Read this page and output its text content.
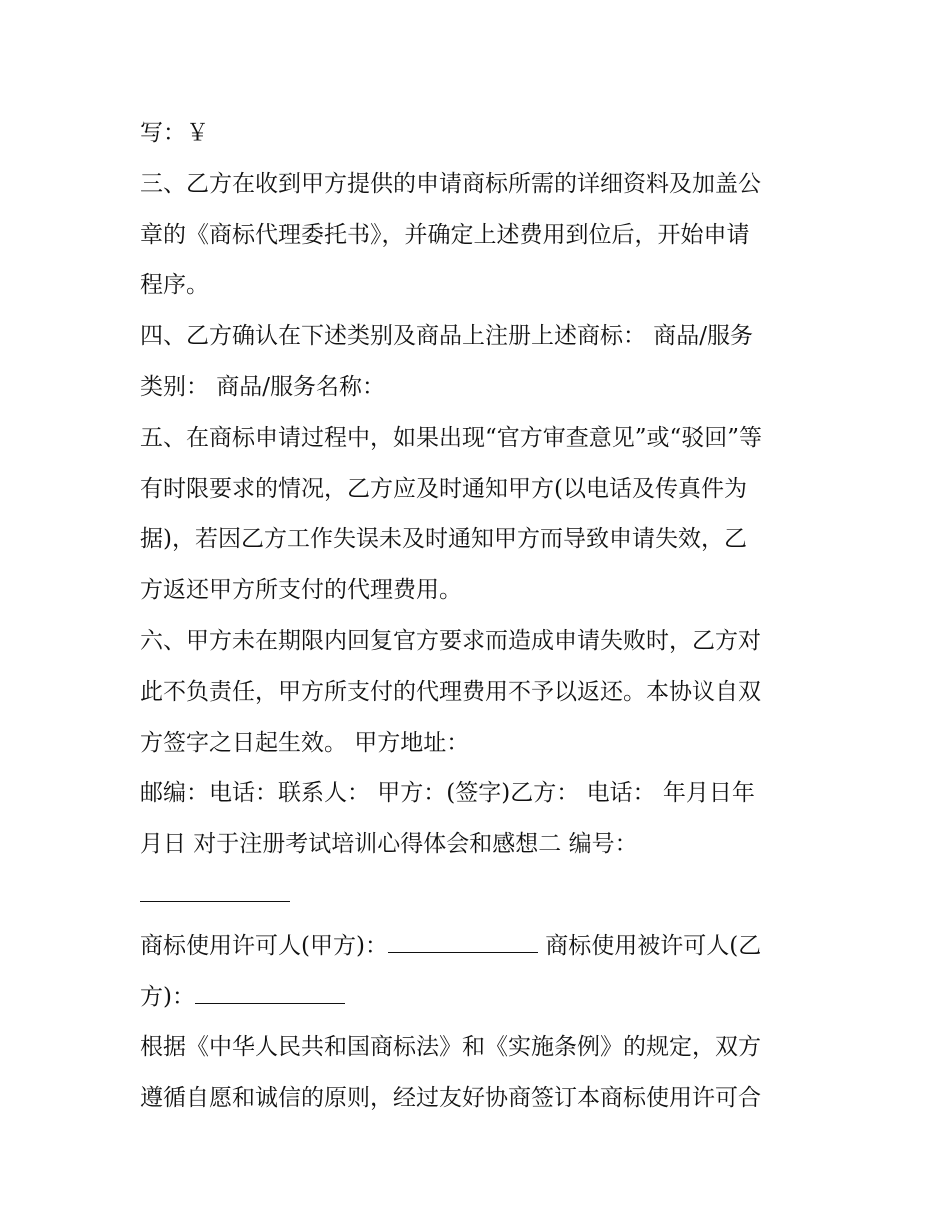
写：￥
三、乙方在收到甲方提供的申请商标所需的详细资料及加盖公
章的《商标代理委托书》，并确定上述费用到位后，开始申请
程序。
四、乙方确认在下述类别及商品上注册上述商标： 商品/服务
类别： 商品/服务名称：
五、在商标申请过程中，如果出现“官方审查意见”或“驳回”等
有时限要求的情况，乙方应及时通知甲方(以电话及传真件为
据)，若因乙方工作失误未及时通知甲方而导致申请失效，乙
方返还甲方所支付的代理费用。
六、甲方未在期限内回复官方要求而造成申请失败时，乙方对
此不负责任，甲方所支付的代理费用不予以返还。本协议自双
方签字之日起生效。 甲方地址：
邮编：电话：联系人： 甲方：(签字)乙方： 电话： 年月日年
月日 对于注册考试培训心得体会和感想二 编号：
商标使用许可人(甲方)：	商标使用被许可人(乙
方)：
根据《中华人民共和国商标法》和《实施条例》的规定，双方
遵循自愿和诚信的原则，经过友好协商签订本商标使用许可合
